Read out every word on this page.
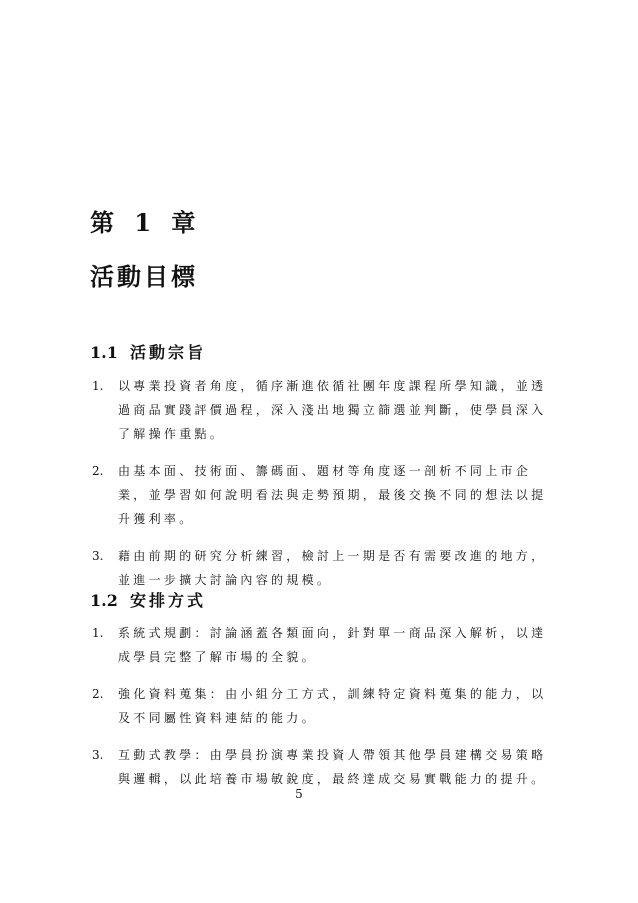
第 1 章
活動目標
1.1 活動宗旨
1. 以專業投資者角度，循序漸進依循社團年度課程所學知識，並透
過商品實踐評價過程，深入淺出地獨立篩選並判斷，使學員深入
了解操作重點。
2. 由基本面、技術面、籌碼面、題材等角度逐一剖析不同上市企
業，並學習如何說明看法與走勢預期，最後交換不同的想法以提
升獲利率。
3. 藉由前期的研究分析練習，檢討上一期是否有需要改進的地方，
並進一步擴大討論內容的規模。
1.2 安排方式
1. 系統式規劃：討論涵蓋各類面向，針對單一商品深入解析，以達
成學員完整了解市場的全貌。
2. 強化資料蒐集：由小組分工方式，訓練特定資料蒐集的能力，以
及不同屬性資料連結的能力。
3. 互動式教學：由學員扮演專業投資人帶領其他學員建構交易策略
與邏輯，以此培養市場敏銳度，最終達成交易實戰能力的提升。
5
